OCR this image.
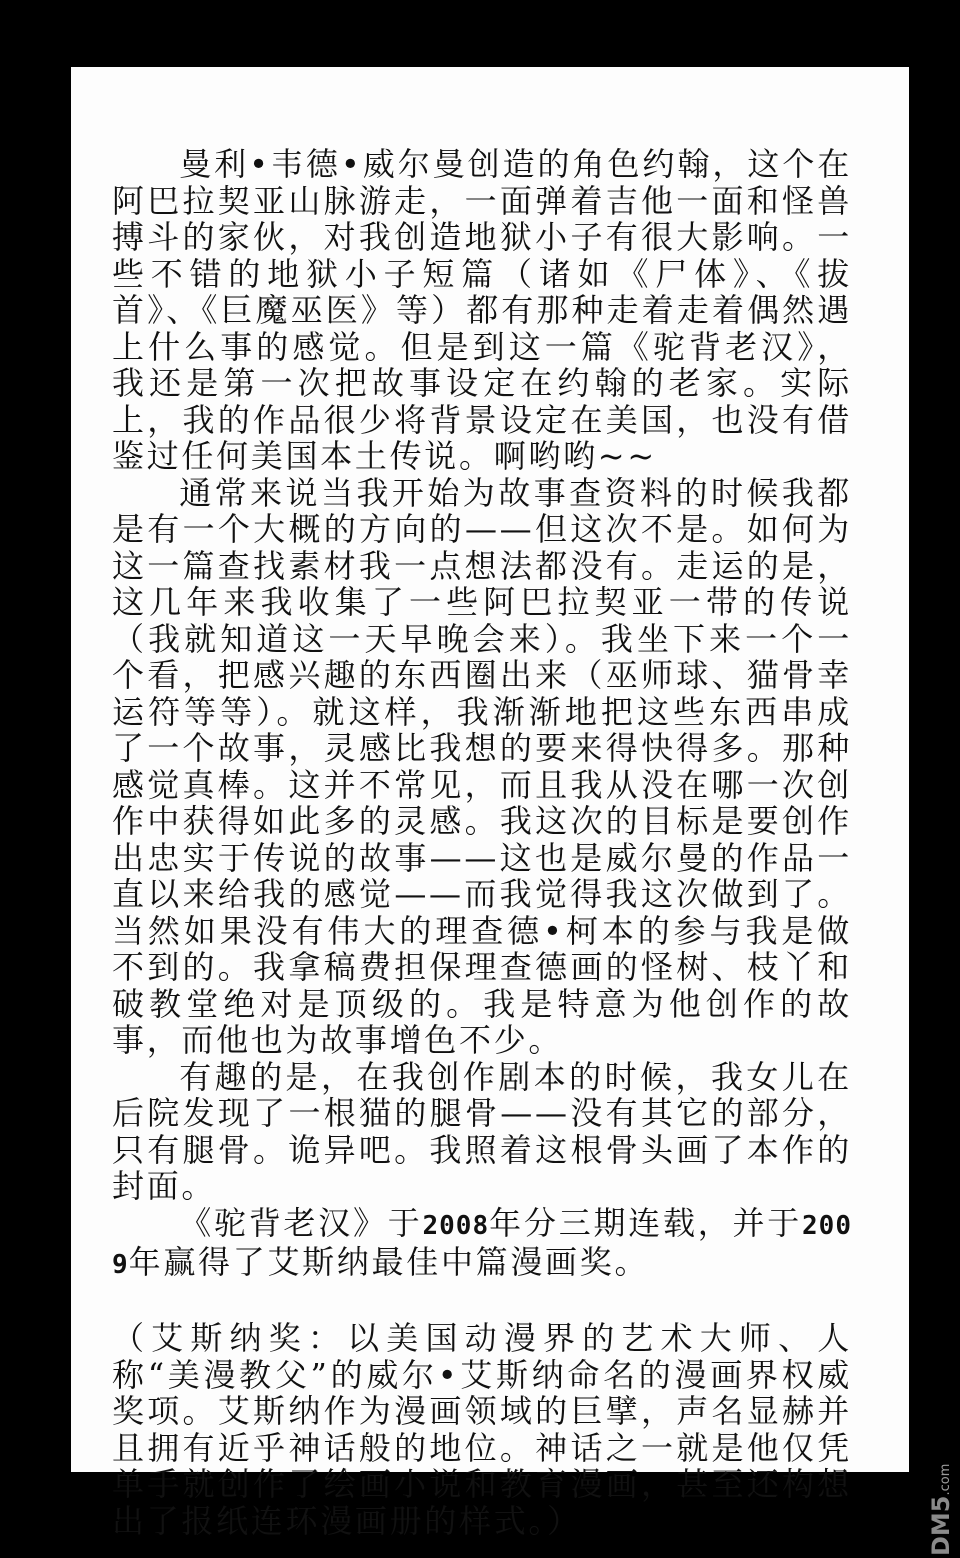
曼利•韦德•威尔曼创造的角色约翰，这个在阿巴拉契亚山脉游走，一面弹着吉他一面和怪兽搏斗的家伙，对我创造地狱小子有很大影响。一些不错的地狱小子短篇（诸如《尸体》、《拔首》、《巨魔巫医》等）都有那种走着走着偶然遇上什么事的感觉。但是到这一篇《驼背老汉》，我还是第一次把故事设定在约翰的老家。实际上，我的作品很少将背景设定在美国，也没有借鉴过任何美国本土传说。啊哟哟~~

通常来说当我开始为故事查资料的时候我都是有一个大概的方向的——但这次不是。如何为这一篇查找素材我一点想法都没有。走运的是，这几年来我收集了一些阿巴拉契亚一带的传说（我就知道这一天早晚会来）。我坐下来一个一个看，把感兴趣的东西圈出来（巫师球、猫骨幸运符等等）。就这样，我渐渐地把这些东西串成了一个故事，灵感比我想的要来得快得多。那种感觉真棒。这并不常见，而且我从没在哪一次创作中获得如此多的灵感。我这次的目标是要创作出忠实于传说的故事——这也是威尔曼的作品一直以来给我的感觉——而我觉得我这次做到了。当然如果没有伟大的理查德•柯本的参与我是做不到的。我拿稿费担保理查德画的怪树、枝丫和破教堂绝对是顶级的。我是特意为他创作的故事，而他也为故事增色不少。

有趣的是，在我创作剧本的时候，我女儿在后院发现了一根猫的腿骨——没有其它的部分，只有腿骨。诡异吧。我照着这根骨头画了本作的封面。

《驼背老汉》于2008年分三期连载，并于2009年赢得了艾斯纳最佳中篇漫画奖。

（艾斯纳奖：以美国动漫界的艺术大师、人称“美漫教父”的威尔•艾斯纳命名的漫画界权威奖项。艾斯纳作为漫画领域的巨擘，声名显赫并且拥有近乎神话般的地位。神话之一就是他仅凭单手就创作了绘画小说和教育漫画，甚至还构想出了报纸连环漫画册的样式。）	DM5.com
